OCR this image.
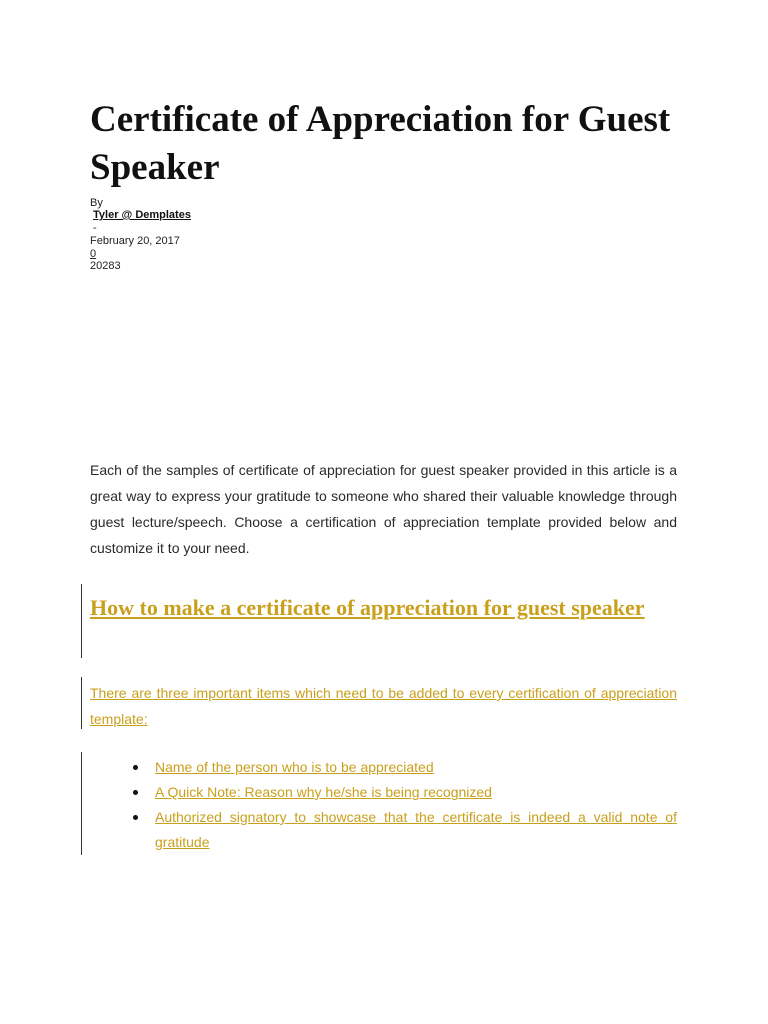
Certificate of Appreciation for Guest Speaker
By
Tyler @ Demplates
-
February 20, 2017
0
20283

Each of the samples of certificate of appreciation for guest speaker provided in this article is a great way to express your gratitude to someone who shared their valuable knowledge through guest lecture/speech. Choose a certification of appreciation template provided below and customize it to your need.

How to make a certificate of appreciation for guest speaker

There are three important items which need to be added to every certification of appreciation template:

Name of the person who is to be appreciated
A Quick Note: Reason why he/she is being recognized
Authorized signatory to showcase that the certificate is indeed a valid note of gratitude
